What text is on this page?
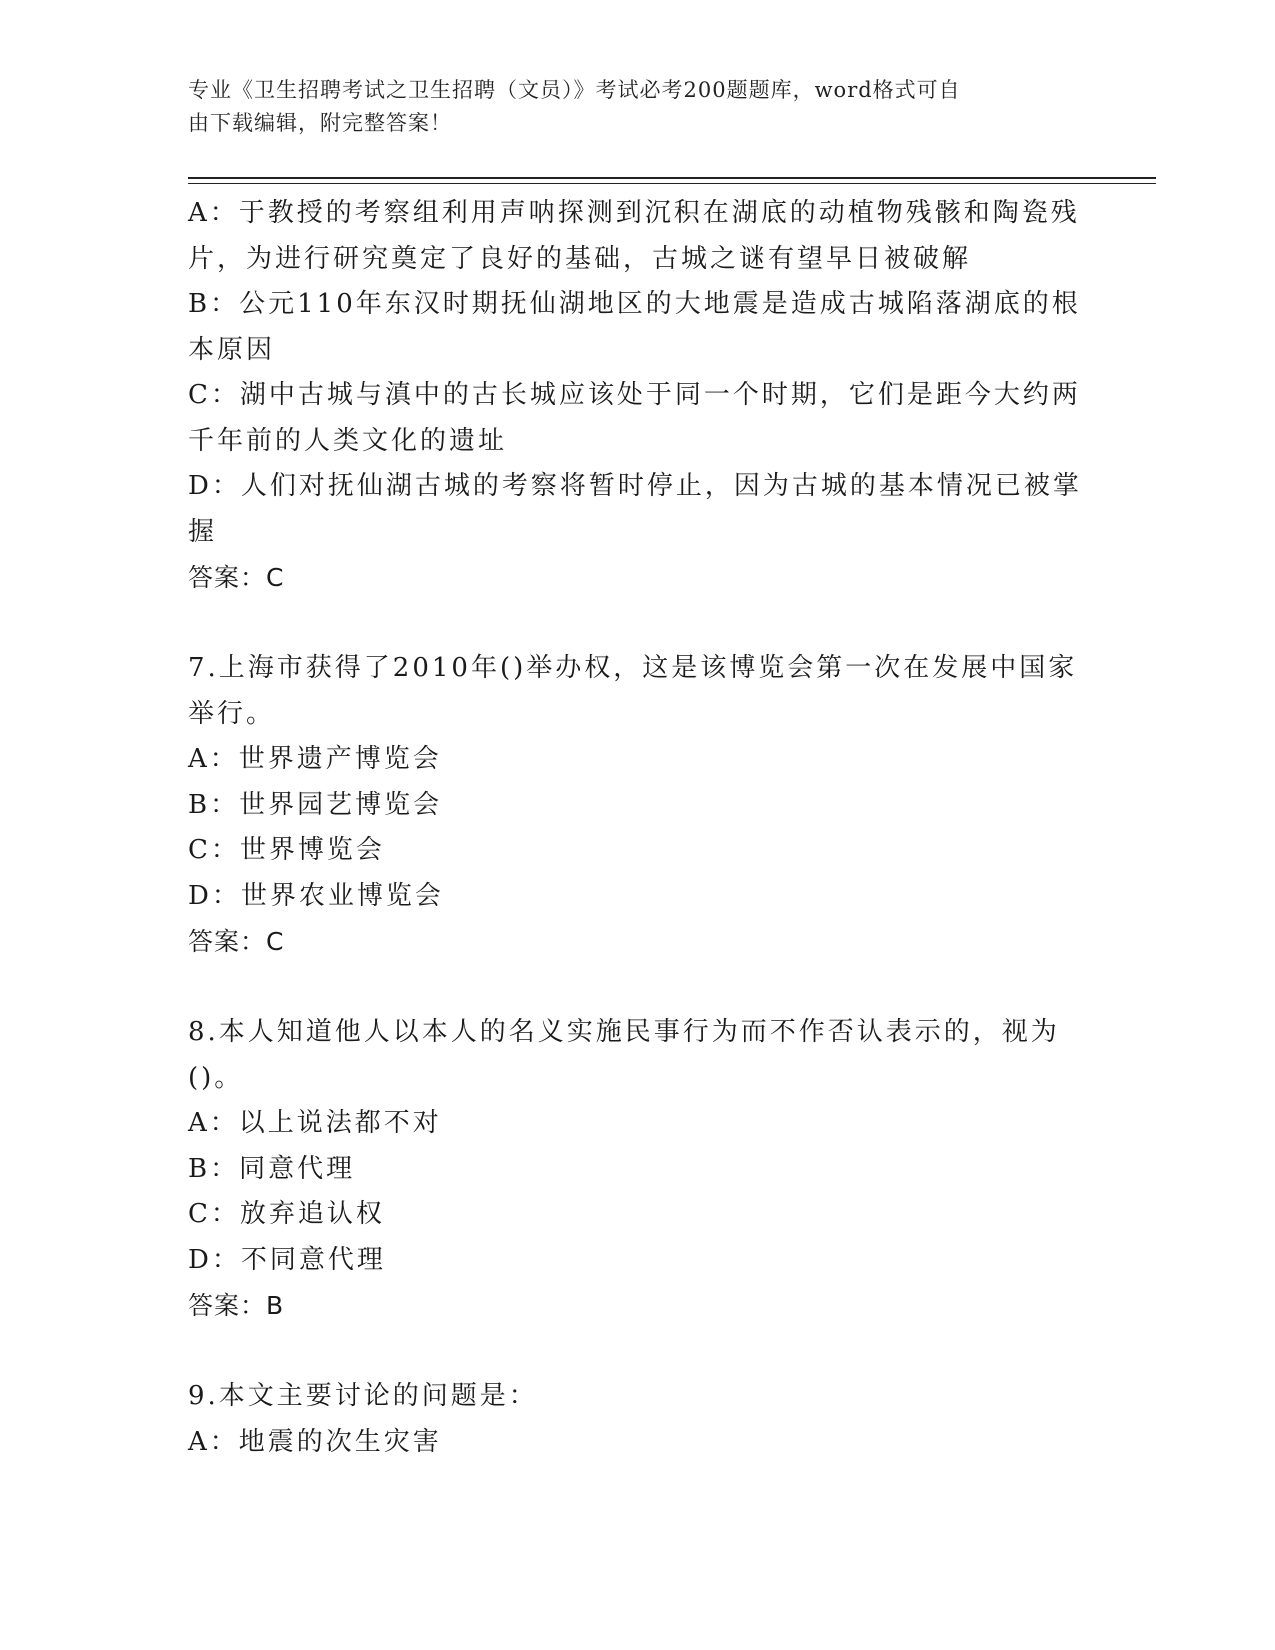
专业《卫生招聘考试之卫生招聘（文员）》考试必考200题题库，word格式可自
由下载编辑，附完整答案！
A：于教授的考察组利用声呐探测到沉积在湖底的动植物残骸和陶瓷残
片，为进行研究奠定了良好的基础，古城之谜有望早日被破解
B：公元110年东汉时期抚仙湖地区的大地震是造成古城陷落湖底的根
本原因
C：湖中古城与滇中的古长城应该处于同一个时期，它们是距今大约两
千年前的人类文化的遗址
D：人们对抚仙湖古城的考察将暂时停止，因为古城的基本情况已被掌
握
答案：C
7.上海市获得了2010年()举办权，这是该博览会第一次在发展中国家
举行。
A：世界遗产博览会
B：世界园艺博览会
C：世界博览会
D：世界农业博览会
答案：C
8.本人知道他人以本人的名义实施民事行为而不作否认表示的，视为
()。
A：以上说法都不对
B：同意代理
C：放弃追认权
D：不同意代理
答案：B
9.本文主要讨论的问题是：
A：地震的次生灾害
